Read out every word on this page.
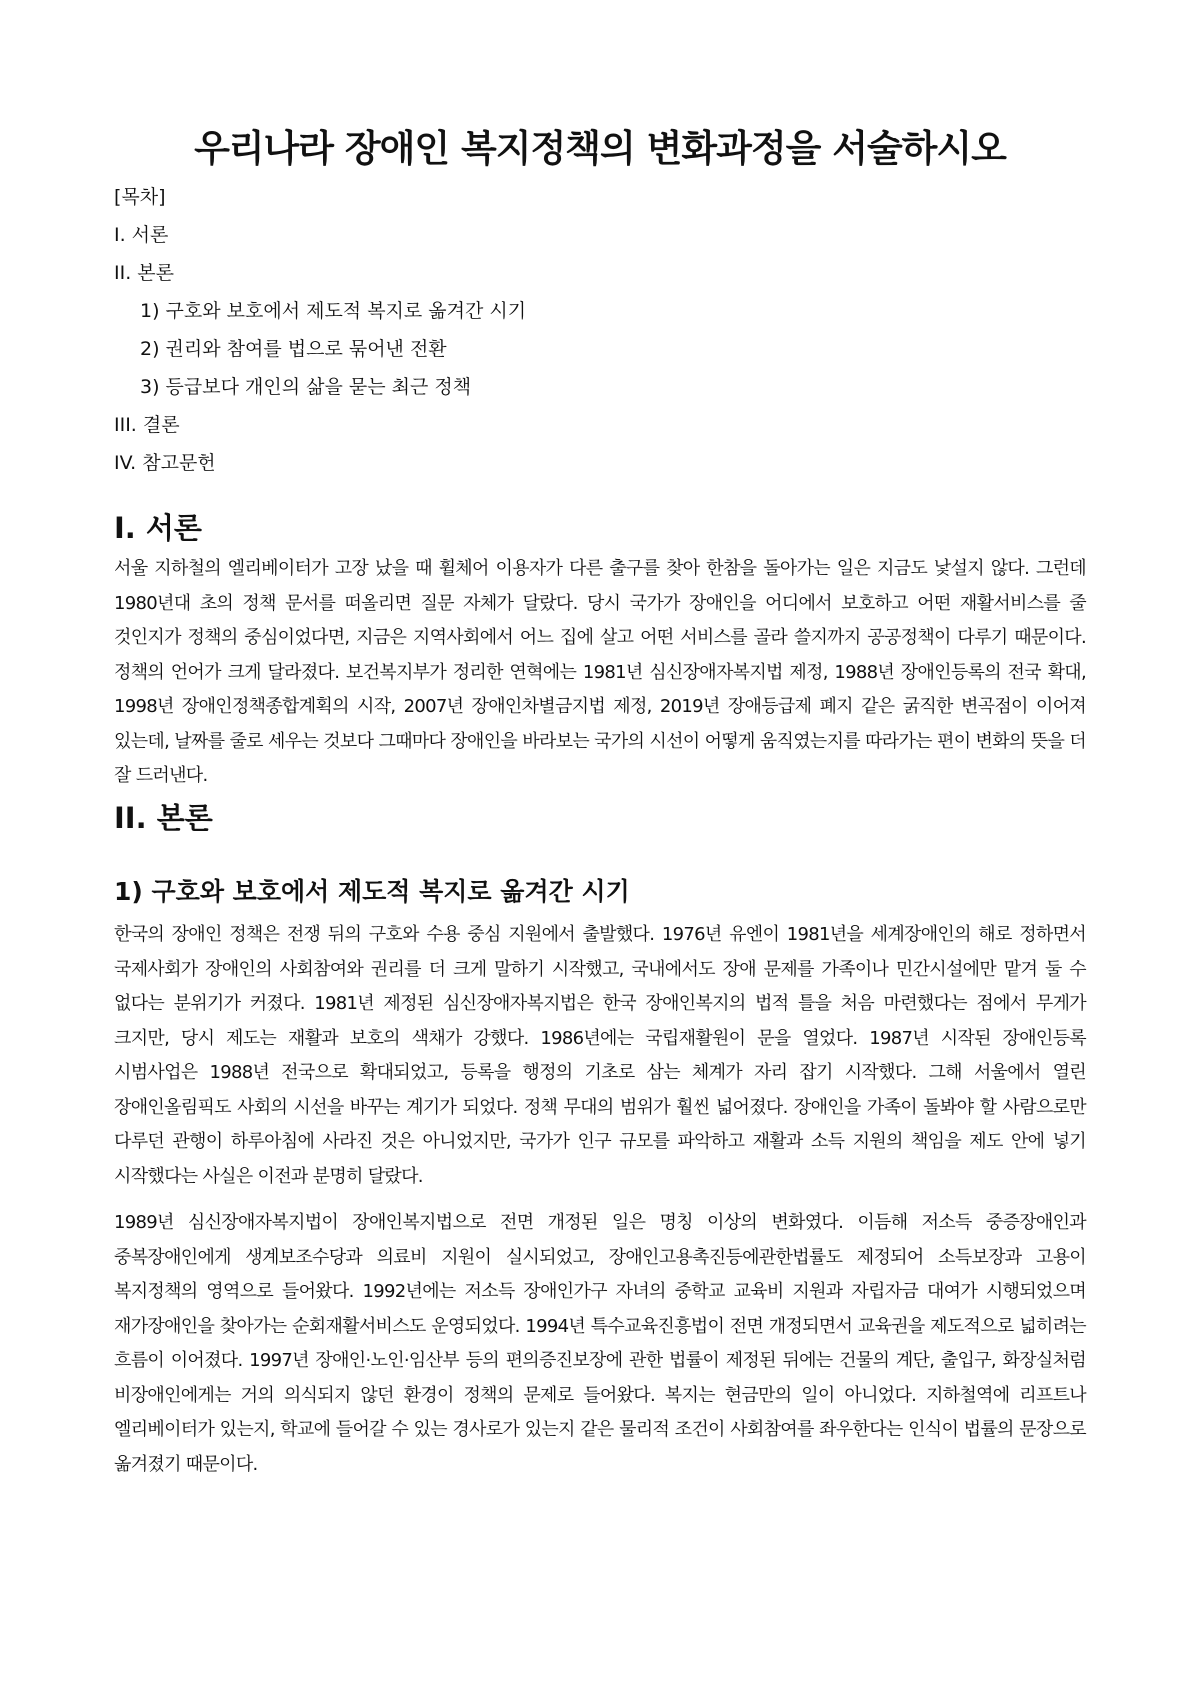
우리나라 장애인 복지정책의 변화과정을 서술하시오

[목차]

I. 서론

II. 본론

1) 구호와 보호에서 제도적 복지로 옮겨간 시기

2) 권리와 참여를 법으로 묶어낸 전환

3) 등급보다 개인의 삶을 묻는 최근 정책

III. 결론

IV. 참고문헌

I. 서론

서울 지하철의 엘리베이터가 고장 났을 때 휠체어 이용자가 다른 출구를 찾아 한참을 돌아가는 일은 지금도 낯설지 않다. 그런데 1980년대 초의 정책 문서를 떠올리면 질문 자체가 달랐다. 당시 국가가 장애인을 어디에서 보호하고 어떤 재활서비스를 줄 것인지가 정책의 중심이었다면, 지금은 지역사회에서 어느 집에 살고 어떤 서비스를 골라 쓸지까지 공공정책이 다루기 때문이다. 정책의 언어가 크게 달라졌다. 보건복지부가 정리한 연혁에는 1981년 심신장애자복지법 제정, 1988년 장애인등록의 전국 확대, 1998년 장애인정책종합계획의 시작, 2007년 장애인차별금지법 제정, 2019년 장애등급제 폐지 같은 굵직한 변곡점이 이어져 있는데, 날짜를 줄로 세우는 것보다 그때마다 장애인을 바라보는 국가의 시선이 어떻게 움직였는지를 따라가는 편이 변화의 뜻을 더 잘 드러낸다.

II. 본론
1) 구호와 보호에서 제도적 복지로 옮겨간 시기

한국의 장애인 정책은 전쟁 뒤의 구호와 수용 중심 지원에서 출발했다. 1976년 유엔이 1981년을 세계장애인의 해로 정하면서 국제사회가 장애인의 사회참여와 권리를 더 크게 말하기 시작했고, 국내에서도 장애 문제를 가족이나 민간시설에만 맡겨 둘 수 없다는 분위기가 커졌다. 1981년 제정된 심신장애자복지법은 한국 장애인복지의 법적 틀을 처음 마련했다는 점에서 무게가 크지만, 당시 제도는 재활과 보호의 색채가 강했다. 1986년에는 국립재활원이 문을 열었다. 1987년 시작된 장애인등록 시범사업은 1988년 전국으로 확대되었고, 등록을 행정의 기초로 삼는 체계가 자리 잡기 시작했다. 그해 서울에서 열린 장애인올림픽도 사회의 시선을 바꾸는 계기가 되었다. 정책 무대의 범위가 훨씬 넓어졌다. 장애인을 가족이 돌봐야 할 사람으로만 다루던 관행이 하루아침에 사라진 것은 아니었지만, 국가가 인구 규모를 파악하고 재활과 소득 지원의 책임을 제도 안에 넣기 시작했다는 사실은 이전과 분명히 달랐다.

1989년 심신장애자복지법이 장애인복지법으로 전면 개정된 일은 명칭 이상의 변화였다. 이듬해 저소득 중증장애인과 중복장애인에게 생계보조수당과 의료비 지원이 실시되었고, 장애인고용촉진등에관한법률도 제정되어 소득보장과 고용이 복지정책의 영역으로 들어왔다. 1992년에는 저소득 장애인가구 자녀의 중학교 교육비 지원과 자립자금 대여가 시행되었으며 재가장애인을 찾아가는 순회재활서비스도 운영되었다. 1994년 특수교육진흥법이 전면 개정되면서 교육권을 제도적으로 넓히려는 흐름이 이어졌다. 1997년 장애인·노인·임산부 등의 편의증진보장에 관한 법률이 제정된 뒤에는 건물의 계단, 출입구, 화장실처럼 비장애인에게는 거의 의식되지 않던 환경이 정책의 문제로 들어왔다. 복지는 현금만의 일이 아니었다. 지하철역에 리프트나 엘리베이터가 있는지, 학교에 들어갈 수 있는 경사로가 있는지 같은 물리적 조건이 사회참여를 좌우한다는 인식이 법률의 문장으로 옮겨졌기 때문이다.
